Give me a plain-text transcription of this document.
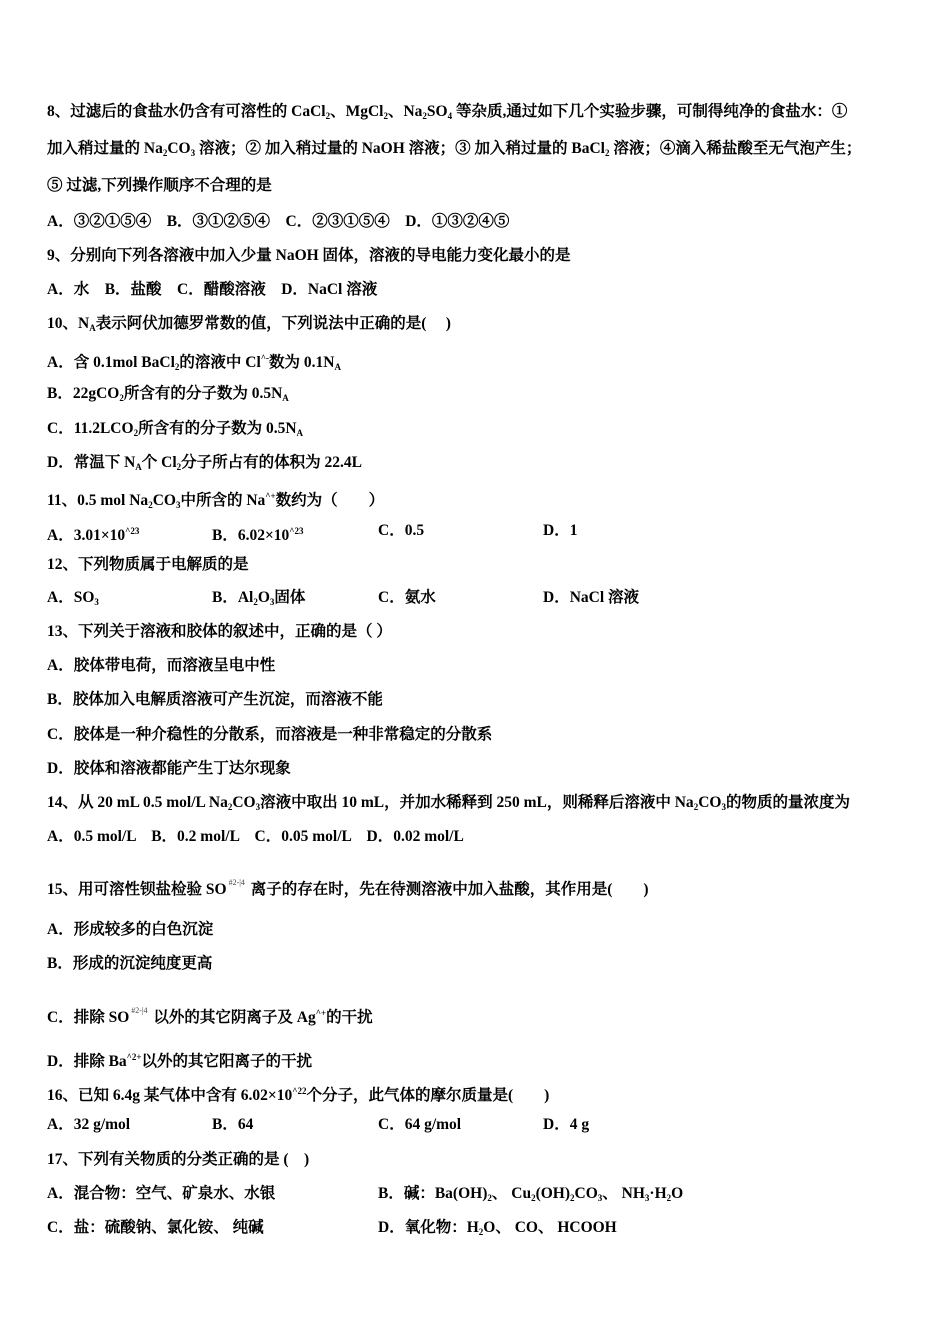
8、过滤后的食盐水仍含有可溶性的 CaCl$_2$、MgCl$_2$、$Na_2SO_4$ 等杂质,通过如下几个实验步骤，可制得纯净的食盐水：①
加入稍过量的 $Na_2CO_3$ 溶液；② 加入稍过量的 NaOH 溶液；③ 加入稍过量的 BaCl$_2$ 溶液；④滴入稀盐酸至无气泡产生；
⑤ 过滤,下列操作顺序不合理的是
A．③②①⑤④　B．③①②⑤④　C．②③①⑤④　D．①③②④⑤
9、分别向下列各溶液中加入少量 NaOH 固体，溶液的导电能力变化最小的是
A．水　B．盐酸　C．醋酸溶液　D．NaCl 溶液
10、$N_A$表示阿伏加德罗常数的值，下列说法中正确的是(　 )
A．含 0.1mol BaCl$_2$的溶液中 Cl^-数为 $0.1N_A$
B．22gCO$_2$所含有的分子数为 $0.5N_A$
C．$11.2LCO_2$所含有的分子数为 $0.5N_A$
D．常温下 $N_A$个 $Cl_2$分子所占有的体积为 22.4L
11、0.5 mol $Na_2CO_3$中所含的 Na^+数约为（　　）
A．$3.01\times 10^{\^{}23}$	B．$6.02\times 10^{\^{}23}$	C．0.5	D．1
12、下列物质属于电解质的是
A．$SO_3$	B．$Al_2O_3$固体	C．氨水	D．NaCl 溶液
13、下列关于溶液和胶体的叙述中，正确的是（ ）
A．胶体带电荷，而溶液呈电中性
B．胶体加入电解质溶液可产生沉淀，而溶液不能
C．胶体是一种介稳性的分散系，而溶液是一种非常稳定的分散系
D．胶体和溶液都能产生丁达尔现象
14、从 20 mL 0.5 mol/L $Na_2CO_3$溶液中取出 10 mL，并加水稀释到 250 mL，则稀释后溶液中 $Na_2CO_3$的物质的量浓度为
A．0.5 mol/L　B．0.2 mol/L　C．0.05 mol/L　D．0.02 mol/L
15、用可溶性钡盐检验 SO $^{\#2-|4}$ 离子的存在时，先在待测溶液中加入盐酸，其作用是(　　)
A．形成较多的白色沉淀
B．形成的沉淀纯度更高
C．排除 SO $^{\#2-|4}$ 以外的其它阴离子及 Ag^+的干扰
D．排除 $Ba^{\^{}2+}$以外的其它阳离子的干扰
16、已知 6.4g 某气体中含有 $6.02\times 10^{\^{}22}$个分子，此气体的摩尔质量是(　　)
A．32 g/mol	B．64	C．64 g/mol	D．4 g
17、下列有关物质的分类正确的是 (　)
A．混合物：空气、矿泉水、水银	B．碱：$Ba(OH)_2$、 $Cu_2(OH)_2CO_3$、 $NH_3\cdot H_2O$
C．盐：硫酸钠、氯化铵、 纯碱	D．氧化物：$H_2O$、 CO、 HCOOH
